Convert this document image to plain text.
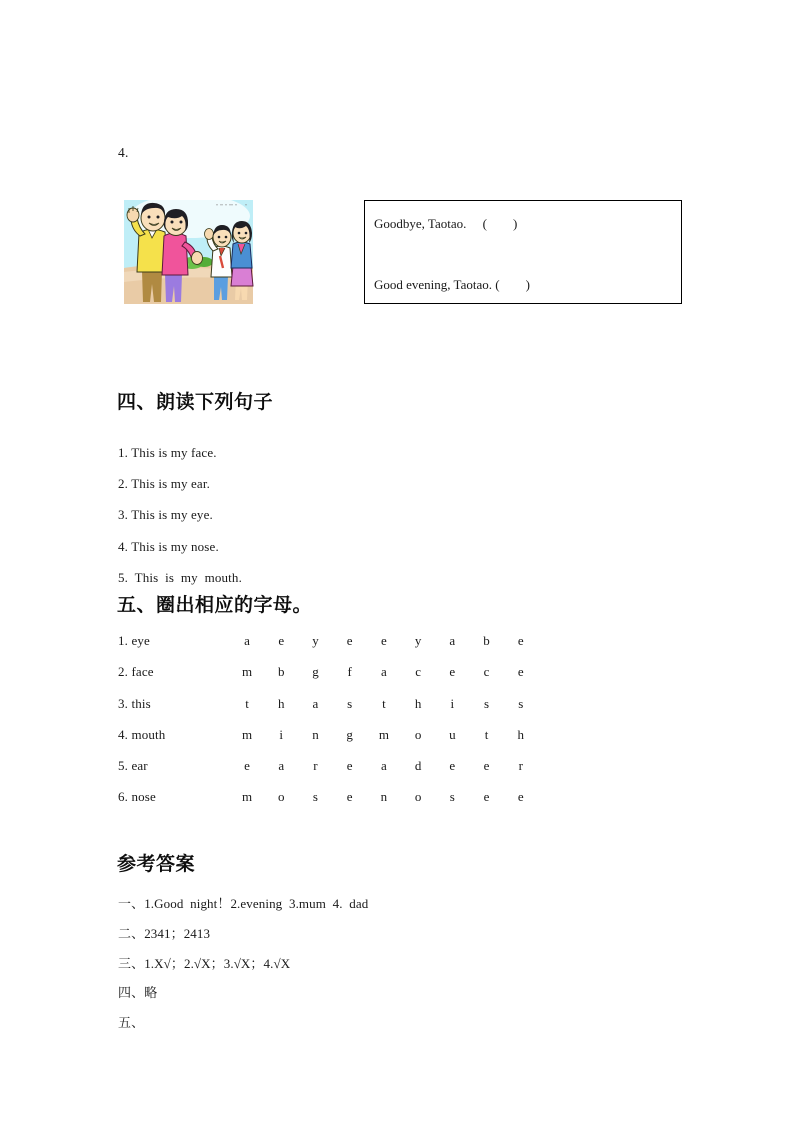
4.
Goodbye, Taotao.     (        )
Good evening, Taotao. (        )
四、朗读下列句子
1. This is my face.
2. This is my ear.
3. This is my eye.
4. This is my nose.
5.  This  is  my  mouth.
五、圈出相应的字母。
1. eye	a	e	y	e	e	y	a	b	e
2. face	m	b	g	f	a	c	e	c	e
3. this	t	h	a	s	t	h	i	s	s
4. mouth	m	i	n	g	m	o	u	t	h
5. ear	e	a	r	e	a	d	e	e	r
6. nose	m	o	s	e	n	o	s	e	e
参考答案
一、1.Good  night！2.evening  3.mum  4.  dad
二、2341；2413
三、1.X√；2.√X；3.√X；4.√X
四、略
五、
